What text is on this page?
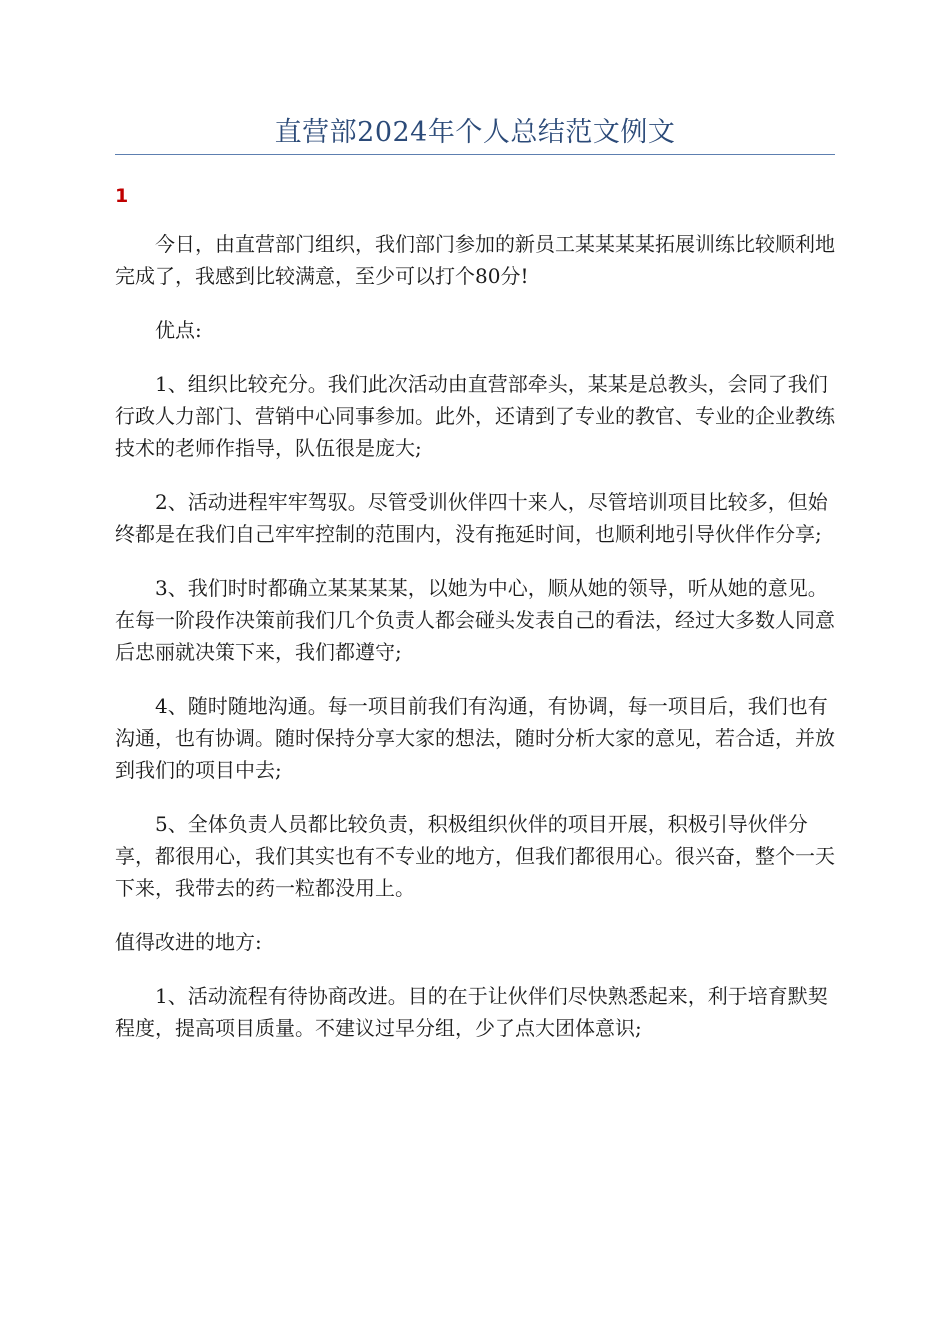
直营部2024年个人总结范文例文
1

今日，由直营部门组织，我们部门参加的新员工某某某某拓展训练比较顺利地完成了，我感到比较满意，至少可以打个80分!

优点:

1、组织比较充分。我们此次活动由直营部牵头，某某是总教头，会同了我们行政人力部门、营销中心同事参加。此外，还请到了专业的教官、专业的企业教练技术的老师作指导，队伍很是庞大;

2、活动进程牢牢驾驭。尽管受训伙伴四十来人，尽管培训项目比较多，但始终都是在我们自己牢牢控制的范围内，没有拖延时间，也顺利地引导伙伴作分享;

3、我们时时都确立某某某某，以她为中心，顺从她的领导，听从她的意见。在每一阶段作决策前我们几个负责人都会碰头发表自己的看法，经过大多数人同意后忠丽就决策下来，我们都遵守;

4、随时随地沟通。每一项目前我们有沟通，有协调，每一项目后，我们也有沟通，也有协调。随时保持分享大家的想法，随时分析大家的意见，若合适，并放到我们的项目中去;

5、全体负责人员都比较负责，积极组织伙伴的项目开展，积极引导伙伴分享，都很用心，我们其实也有不专业的地方，但我们都很用心。很兴奋，整个一天下来，我带去的药一粒都没用上。

值得改进的地方:

1、活动流程有待协商改进。目的在于让伙伴们尽快熟悉起来，利于培育默契程度，提高项目质量。不建议过早分组，少了点大团体意识;
